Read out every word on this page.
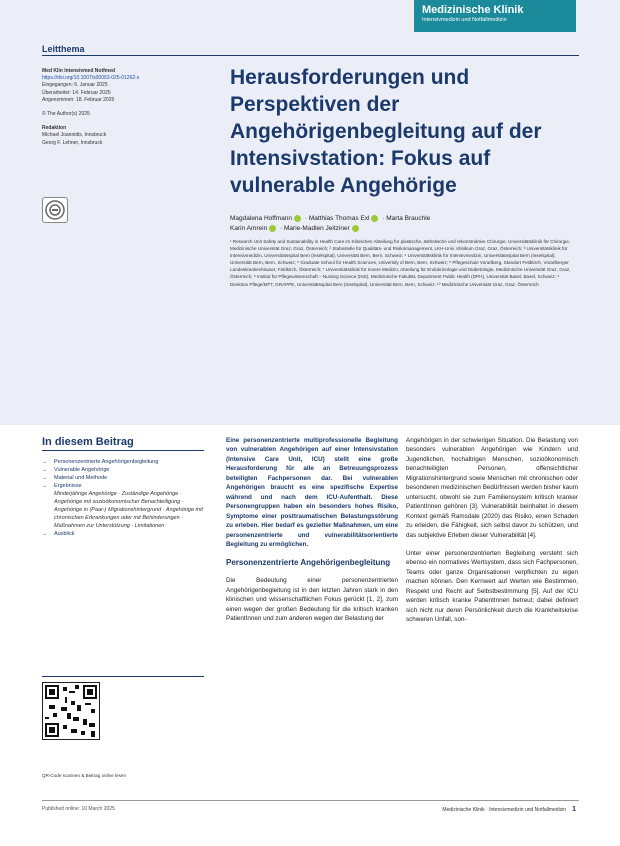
Medizinische Klinik
Intensivmedizin und Notfallmedizin
Leitthema
Med Klin Intensivmed Notfmed
https://doi.org/10.1007/s00063-025-01262-x
Eingegangen: 6. Januar 2025
Überarbeitet: 14. Februar 2025
Angenommen: 18. Februar 2025
© The Author(s) 2025
Redaktion
Michael Joannidis, Innsbruck
Georg F. Lehner, Innsbruck
Herausforderungen und Perspektiven der Angehörigenbegleitung auf der Intensivstation: Fokus auf vulnerable Angehörige
Magdalena Hoffmann · Matthias Thomas Exl · Marta Brauchle
Karin Amrein · Marie-Madlen Jeitziner
¹ Research Unit Safety and Sustainability in Health Care im Klinischen Abteilung für plastische, ästhetische und rekonstruktive Chirurgie, Universitätsklinik für Chirurgie, Medizinische Universität Graz, Graz, Österreich; ² Stabsstelle für Qualitäts- und Risikomanagement, LKH-Univ. Klinikum Graz, Graz, Österreich; ³ Universitätsklinik für Intensivmedizin, Universitätsspital Bern (Inselspital), Universität Bern, Bern, Schweiz; ⁴ Universitätsklinik für Intensivmedizin, Universitätsspital Bern (Inselspital), Universität Bern, Bern, Schweiz; ⁵ Graduate School for Health Sciences, University of Bern, Bern, Schweiz; ⁶ Pflegeschule Vorarlberg, Standort Feldkirch, Vorarlberger Landeskrankenhäuser, Feldkirch, Österreich; ⁷ Universitätsklinik für Innere Medizin, Abteilung für Endokrinologie und Diabetologie, Medizinische Universität Graz, Graz, Österreich; ⁸ Institut für Pflegewissenschaft – Nursing Science (INS), Medizinische Fakultät, Department Public Health (DPH), Universität Basel, Basel, Schweiz; ⁹ Direktion Pflege/MTT, GRAPPE, Universitätsspital Bern (Inselspital), Universität Bern, Bern, Schweiz; ¹⁰ Medizinische Universität Graz, Graz, Österreich
In diesem Beitrag
→ Personenzentrierte Angehörigenbegleitung
→ Vulnerable Angehörige
→ Material und Methode
→ Ergebnisse
Minderjährige Angehörige · Zuständige Angehörige · Angehörige mit sozioökonomischer Benachteiligung · Angehörige in (Paar-) Migrationshintergrund · Angehörige mit chronischen Erkrankungen oder mit Behinderungen · Maßnahmen zur Unterstützung · Limitationen
→ Ausblick
QR-Code scannen & Beitrag online lesen

Eine personenzentrierte multiprofessionelle Begleitung von vulnerablen Angehörigen auf einer Intensivstation (Intensive Care Unit, ICU) stellt eine große Herausforderung für alle an Betreuungsprozess beteiligten Fachpersonen dar. Bei vulnerablen Angehörigen braucht es eine spezifische Expertise während und nach dem ICU-Aufenthalt. Diese Personengruppen haben ein besonders hohes Risiko, Symptome einer posttraumatischen Belastungsstörung zu erleben. Hier bedarf es gezielter Maßnahmen, um eine personenzentrierte und vulnerabilitätsorientierte Begleitung zu ermöglichen.

Personenzentrierte Angehörigenbegleitung

Die Bedeutung einer personenzentrierten Angehörigenbegleitung ist in den letzten Jahren stark in den klinischen und wissenschaftlichen Fokus gerückt [1, 2], zum einen wegen der großen Bedeutung für die kritisch kranken PatientInnen und zum anderen wegen der Belastung der

Angehörigen in der schwierigen Situation. Die Belastung von besonders vulnerablen Angehörigen wie Kindern und Jugendlichen, hochaltrigen Menschen, sozioökonomisch benachteiligten Personen, offensichtlicher Migrationshintergrund sowie Menschen mit chronischen oder besonderen medizinischen Bedürfnissen werden bisher kaum untersucht, obwohl sie zum Familiensystem kritisch kranker PatientInnen gehören [3]. Vulnerabilität beinhaltet in diesem Kontext gemäß Ramsdale (2020) das Risiko, einen Schaden zu erleiden, die Fähigkeit, sich selbst davor zu schützen, und das subjektive Erleben dieser Vulnerabilität [4].

Unter einer personenzentrierten Begleitung versteht sich ebenso ein normatives Wertsystem, dass sich Fachpersonen, Teams oder ganze Organisationen verpflichten zu eigen machen können. Den Kernwert auf Werten wie Bestimmen, Respekt und Recht auf Selbstbestimmung [5]. Auf der ICU werden kritisch kranke PatientInnen betreut; dabei definiert sich nicht nur deren Persönlichkeit durch die Krankheitskrise schweren Unfall, son-

Published online: 10 March 2025	Medizinische Klinik · Intensivmedizin und Notfallmedizin 1
